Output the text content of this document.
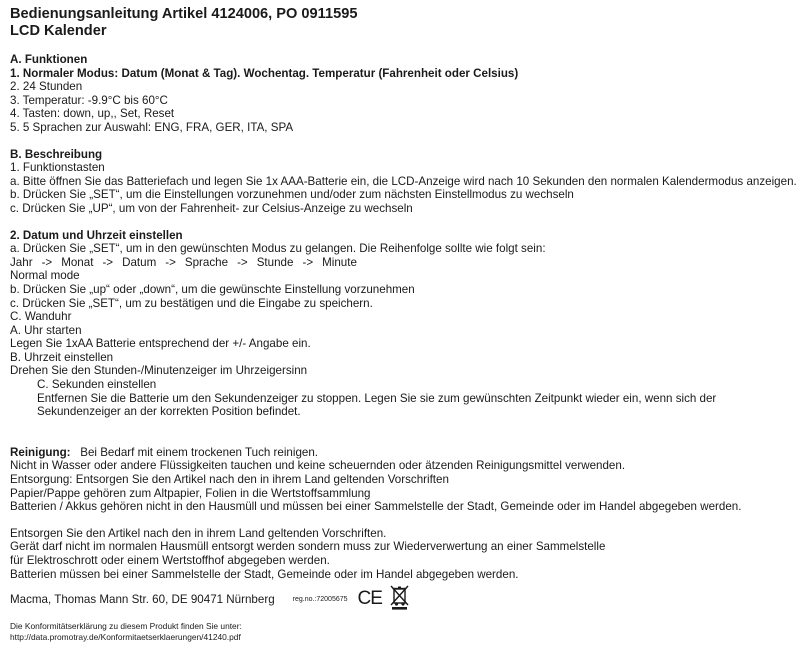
Bedienungsanleitung Artikel 4124006, PO 0911595
LCD Kalender
A. Funktionen
1. Normaler Modus: Datum (Monat & Tag). Wochentag. Temperatur (Fahrenheit oder Celsius)
2. 24 Stunden
3. Temperatur: -9.9°C bis 60°C
4. Tasten: down, up,, Set, Reset
5. 5 Sprachen zur Auswahl: ENG, FRA, GER, ITA, SPA
B. Beschreibung
1. Funktionstasten
a. Bitte öffnen Sie das Batteriefach und legen Sie 1x AAA-Batterie ein, die LCD-Anzeige wird nach 10 Sekunden den normalen Kalendermodus anzeigen.
b. Drücken Sie „SET“, um die Einstellungen vorzunehmen und/oder zum nächsten Einstellmodus zu wechseln
c. Drücken Sie „UP“, um von der Fahrenheit- zur Celsius-Anzeige zu wechseln
2. Datum und Uhrzeit einstellen
a. Drücken Sie „SET“, um in den gewünschten Modus zu gelangen. Die Reihenfolge sollte wie folgt sein:
Jahr -> Monat -> Datum -> Sprache -> Stunde -> Minute
Normal mode
b. Drücken Sie „up“ oder „down“, um die gewünschte Einstellung vorzunehmen
c. Drücken Sie „SET“, um zu bestätigen und die Eingabe zu speichern.
C. Wanduhr
A. Uhr starten
Legen Sie 1xAA Batterie entsprechend der +/- Angabe ein.
B. Uhrzeit einstellen
Drehen Sie den Stunden-/Minutenzeiger im Uhrzeigersinn
C. Sekunden einstellen
Entfernen Sie die Batterie um den Sekundenzeiger zu stoppen. Legen Sie sie zum gewünschten Zeitpunkt wieder ein, wenn sich der
Sekundenzeiger an der korrekten Position befindet.
Reinigung: Bei Bedarf mit einem trockenen Tuch reinigen.
Nicht in Wasser oder andere Flüssigkeiten tauchen und keine scheuernden oder ätzenden Reinigungsmittel verwenden.
Entsorgung: Entsorgen Sie den Artikel nach den in ihrem Land geltenden Vorschriften
Papier/Pappe gehören zum Altpapier, Folien in die Wertstoffsammlung
Batterien / Akkus gehören nicht in den Hausmüll und müssen bei einer Sammelstelle der Stadt, Gemeinde oder im Handel abgegeben werden.
Entsorgen Sie den Artikel nach den in ihrem Land geltenden Vorschriften.
Gerät darf nicht im normalen Hausmüll entsorgt werden sondern muss zur Wiederverwertung an einer Sammelstelle
für Elektroschrott oder einem Wertstoffhof abgegeben werden.
Batterien müssen bei einer Sammelstelle der Stadt, Gemeinde oder im Handel abgegeben werden.
Macma, Thomas Mann Str. 60, DE 90471 Nürnberg	reg.no.:72005675 CE
Die Konformitätserklärung zu diesem Produkt finden Sie unter:
http://data.promotray.de/Konformitaetserklaerungen/41240.pdf
